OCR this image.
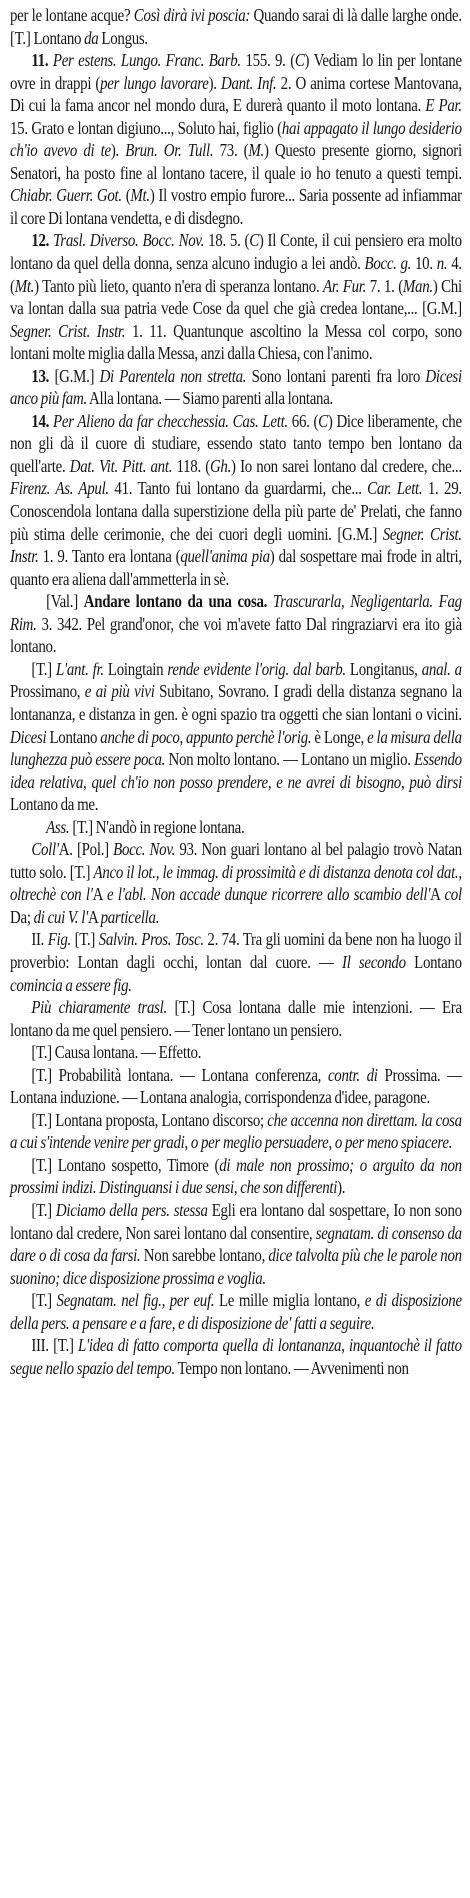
per le lontane acque? Così dirà ivi poscia: Quando sarai di là dalle larghe onde. [T.] Lontano da Longus.

11. Per estens. Lungo. Franc. Barb. 155. 9. (C) Vediam lo lin per lontane ovre in drappi (per lungo lavorare). Dant. Inf. 2. O anima cortese Mantovana, Di cui la fama ancor nel mondo dura, E durerà quanto il moto lontana. E Par. 15. Grato e lontan digiuno..., Soluto hai, figlio (hai appagato il lungo desiderio ch'io avevo di te). Brun. Or. Tull. 73. (M.) Questo presente giorno, signori Senatori, ha posto fine al lontano tacere, il quale io ho tenuto a questi tempi. Chiabr. Guerr. Got. (Mt.) Il vostro empio furore... Saria possente ad infiammar il core Di lontana vendetta, e di disdegno.

12. Trasl. Diverso. Bocc. Nov. 18. 5. (C) Il Conte, il cui pensiero era molto lontano da quel della donna, senza alcuno indugio a lei andò. Bocc. g. 10. n. 4. (Mt.) Tanto più lieto, quanto n'era di speranza lontano. Ar. Fur. 7. 1. (Man.) Chi va lontan dalla sua patria vede Cose da quel che già credea lontane,... [G.M.] Segner. Crist. Instr. 1. 11. Quantunque ascoltino la Messa col corpo, sono lontani molte miglia dalla Messa, anzi dalla Chiesa, con l'animo.

13. [G.M.] Di Parentela non stretta. Sono lontani parenti fra loro Dicesi anco più fam. Alla lontana. — Siamo parenti alla lontana.

14. Per Alieno da far checchessia. Cas. Lett. 66. (C) Dice liberamente, che non gli dà il cuore di studiare, essendo stato tanto tempo ben lontano da quell'arte. Dat. Vit. Pitt. ant. 118. (Gh.) Io non sarei lontano dal credere, che... Firenz. As. Apul. 41. Tanto fui lontano da guardarmi, che... Car. Lett. 1. 29. Conoscendola lontana dalla superstizione della più parte de' Prelati, che fanno più stima delle cerimonie, che dei cuori degli uomini. [G.M.] Segner. Crist. Instr. 1. 9. Tanto era lontana (quell'anima pia) dal sospettare mai frode in altri, quanto era aliena dall'ammetterla in sè.

[Val.] Andare lontano da una cosa. Trascurarla, Negligentarla. Fag Rim. 3. 342. Pel grand'onor, che voi m'avete fatto Dal ringraziarvi era ito già lontano.

[T.] L'ant. fr. Loingtain rende evidente l'orig. dal barb. Longitanus, anal. a Prossimano, e ai più vivi Subitano, Sovrano. I gradi della distanza segnano la lontananza, e distanza in gen. è ogni spazio tra oggetti che sian lontani o vicini. Dicesi Lontano anche di poco, appunto perchè l'orig. è Longe, e la misura della lunghezza può essere poca. Non molto lontano. — Lontano un miglio. Essendo idea relativa, quel ch'io non posso prendere, e ne avrei di bisogno, può dirsi Lontano da me.

Ass. [T.] N'andò in regione lontana.

Coll'A. [Pol.] Bocc. Nov. 93. Non guari lontano al bel palagio trovò Natan tutto solo. [T.] Anco il lot., le immag. di prossimità e di distanza denota col dat., oltrechè con l'A e l'abl. Non accade dunque ricorrere allo scambio dell'A col Da; di cui V. l'A particella.

II. Fig. [T.] Salvin. Pros. Tosc. 2. 74. Tra gli uomini da bene non ha luogo il proverbio: Lontan dagli occhi, lontan dal cuore. — Il secondo Lontano comincia a essere fig.

Più chiaramente trasl. [T.] Cosa lontana dalle mie intenzioni. — Era lontano da me quel pensiero. — Tener lontano un pensiero.

[T.] Causa lontana. — Effetto.

[T.] Probabilità lontana. — Lontana conferenza, contr. di Prossima. — Lontana induzione. — Lontana analogia, corrispondenza d'idee, paragone.

[T.] Lontana proposta, Lontano discorso; che accenna non direttam. la cosa a cui s'intende venire per gradi, o per meglio persuadere, o per meno spiacere.

[T.] Lontano sospetto, Timore (di male non prossimo; o arguito da non prossimi indizi. Distinguansi i due sensi, che son differenti).

[T.] Diciamo della pers. stessa Egli era lontano dal sospettare, Io non sono lontano dal credere, Non sarei lontano dal consentire, segnatam. di consenso da dare o di cosa da farsi. Non sarebbe lontano, dice talvolta più che le parole non suonino; dice disposizione prossima e voglia.

[T.] Segnatam. nel fig., per euf. Le mille miglia lontano, e di disposizione della pers. a pensare e a fare, e di disposizione de' fatti a seguire.

III. [T.] L'idea di fatto comporta quella di lontananza, inquantochè il fatto segue nello spazio del tempo. Tempo non lontano. — Avvenimenti non
